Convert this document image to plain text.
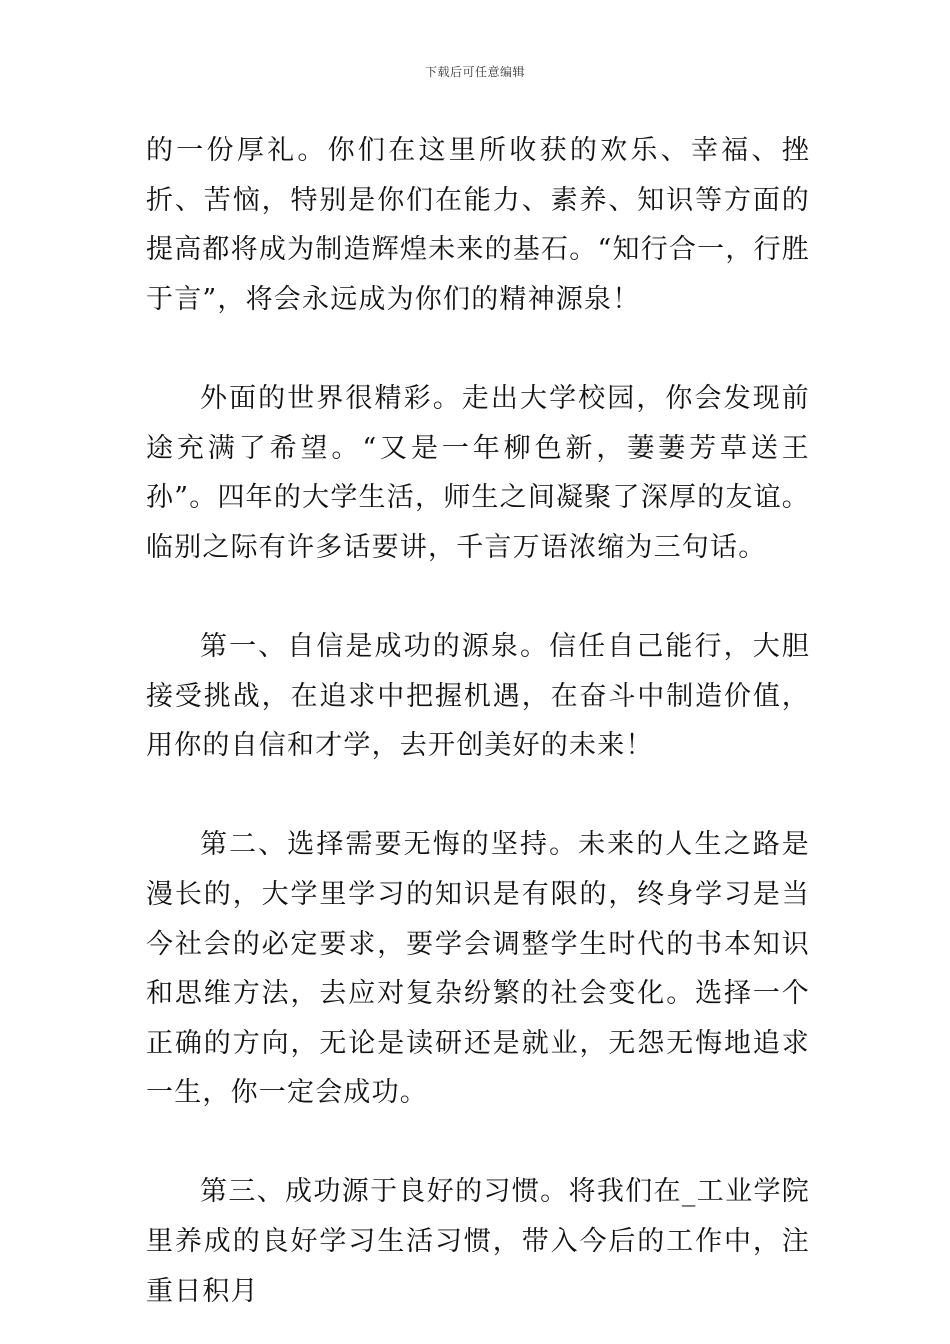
下载后可任意编辑

的一份厚礼。你们在这里所收获的欢乐、幸福、挫折、苦恼，特别是你们在能力、素养、知识等方面的提高都将成为制造辉煌未来的基石。“知行合一，行胜于言”，将会永远成为你们的精神源泉！

外面的世界很精彩。走出大学校园，你会发现前途充满了希望。“又是一年柳色新，萋萋芳草送王孙”。四年的大学生活，师生之间凝聚了深厚的友谊。临别之际有许多话要讲，千言万语浓缩为三句话。

第一、自信是成功的源泉。信任自己能行，大胆接受挑战，在追求中把握机遇，在奋斗中制造价值，用你的自信和才学，去开创美好的未来！

第二、选择需要无悔的坚持。未来的人生之路是漫长的，大学里学习的知识是有限的，终身学习是当今社会的必定要求，要学会调整学生时代的书本知识和思维方法，去应对复杂纷繁的社会变化。选择一个正确的方向，无论是读研还是就业，无怨无悔地追求一生，你一定会成功。

第三、成功源于良好的习惯。将我们在_工业学院里养成的良好学习生活习惯，带入今后的工作中，注重日积月
